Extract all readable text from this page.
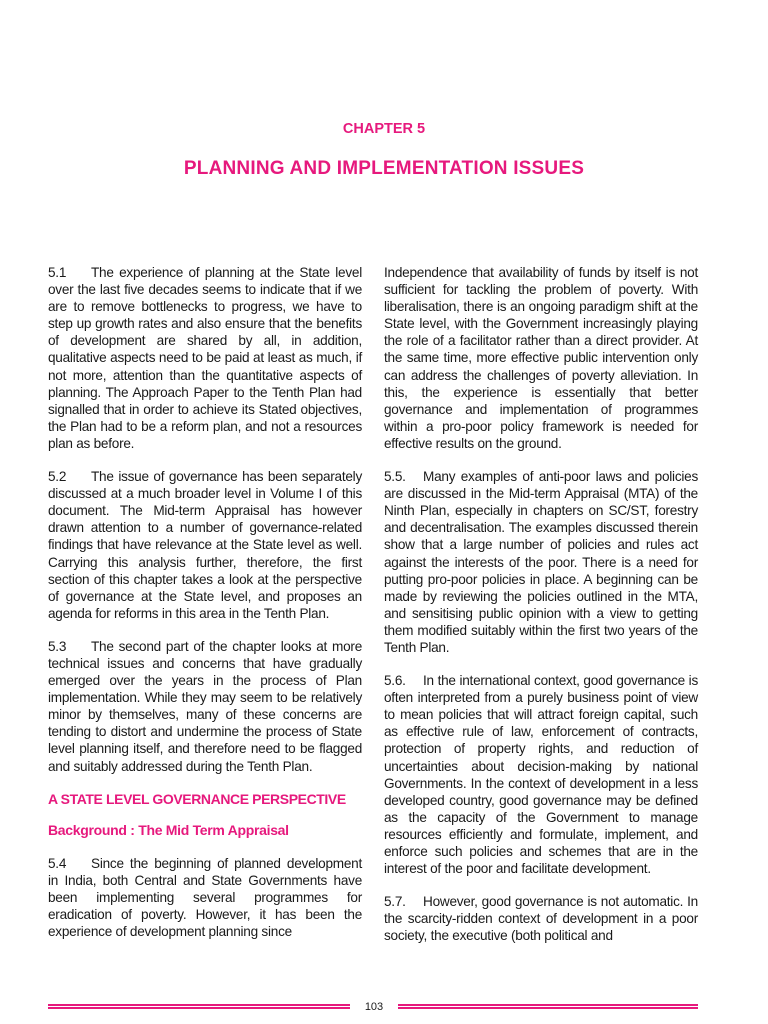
CHAPTER 5
PLANNING AND IMPLEMENTATION ISSUES

5.1 The experience of planning at the State level over the last five decades seems to indicate that if we are to remove bottlenecks to progress, we have to step up growth rates and also ensure that the benefits of development are shared by all, in addition, qualitative aspects need to be paid at least as much, if not more, attention than the quantitative aspects of planning. The Approach Paper to the Tenth Plan had signalled that in order to achieve its Stated objectives, the Plan had to be a reform plan, and not a resources plan as before.

5.2 The issue of governance has been separately discussed at a much broader level in Volume I of this document. The Mid-term Appraisal has however drawn attention to a number of governance-related findings that have relevance at the State level as well. Carrying this analysis further, therefore, the first section of this chapter takes a look at the perspective of governance at the State level, and proposes an agenda for reforms in this area in the Tenth Plan.

5.3 The second part of the chapter looks at more technical issues and concerns that have gradually emerged over the years in the process of Plan implementation. While they may seem to be relatively minor by themselves, many of these concerns are tending to distort and undermine the process of State level planning itself, and therefore need to be flagged and suitably addressed during the Tenth Plan.

A STATE LEVEL GOVERNANCE PERSPECTIVE
Background : The Mid Term Appraisal

5.4 Since the beginning of planned development in India, both Central and State Governments have been implementing several programmes for eradication of poverty. However, it has been the experience of development planning since

Independence that availability of funds by itself is not sufficient for tackling the problem of poverty. With liberalisation, there is an ongoing paradigm shift at the State level, with the Government increasingly playing the role of a facilitator rather than a direct provider. At the same time, more effective public intervention only can address the challenges of poverty alleviation. In this, the experience is essentially that better governance and implementation of programmes within a pro-poor policy framework is needed for effective results on the ground.

5.5. Many examples of anti-poor laws and policies are discussed in the Mid-term Appraisal (MTA) of the Ninth Plan, especially in chapters on SC/ST, forestry and decentralisation. The examples discussed therein show that a large number of policies and rules act against the interests of the poor. There is a need for putting pro-poor policies in place. A beginning can be made by reviewing the policies outlined in the MTA, and sensitising public opinion with a view to getting them modified suitably within the first two years of the Tenth Plan.

5.6. In the international context, good governance is often interpreted from a purely business point of view to mean policies that will attract foreign capital, such as effective rule of law, enforcement of contracts, protection of property rights, and reduction of uncertainties about decision-making by national Governments. In the context of development in a less developed country, good governance may be defined as the capacity of the Government to manage resources efficiently and formulate, implement, and enforce such policies and schemes that are in the interest of the poor and facilitate development.

5.7. However, good governance is not automatic. In the scarcity-ridden context of development in a poor society, the executive (both political and

103
